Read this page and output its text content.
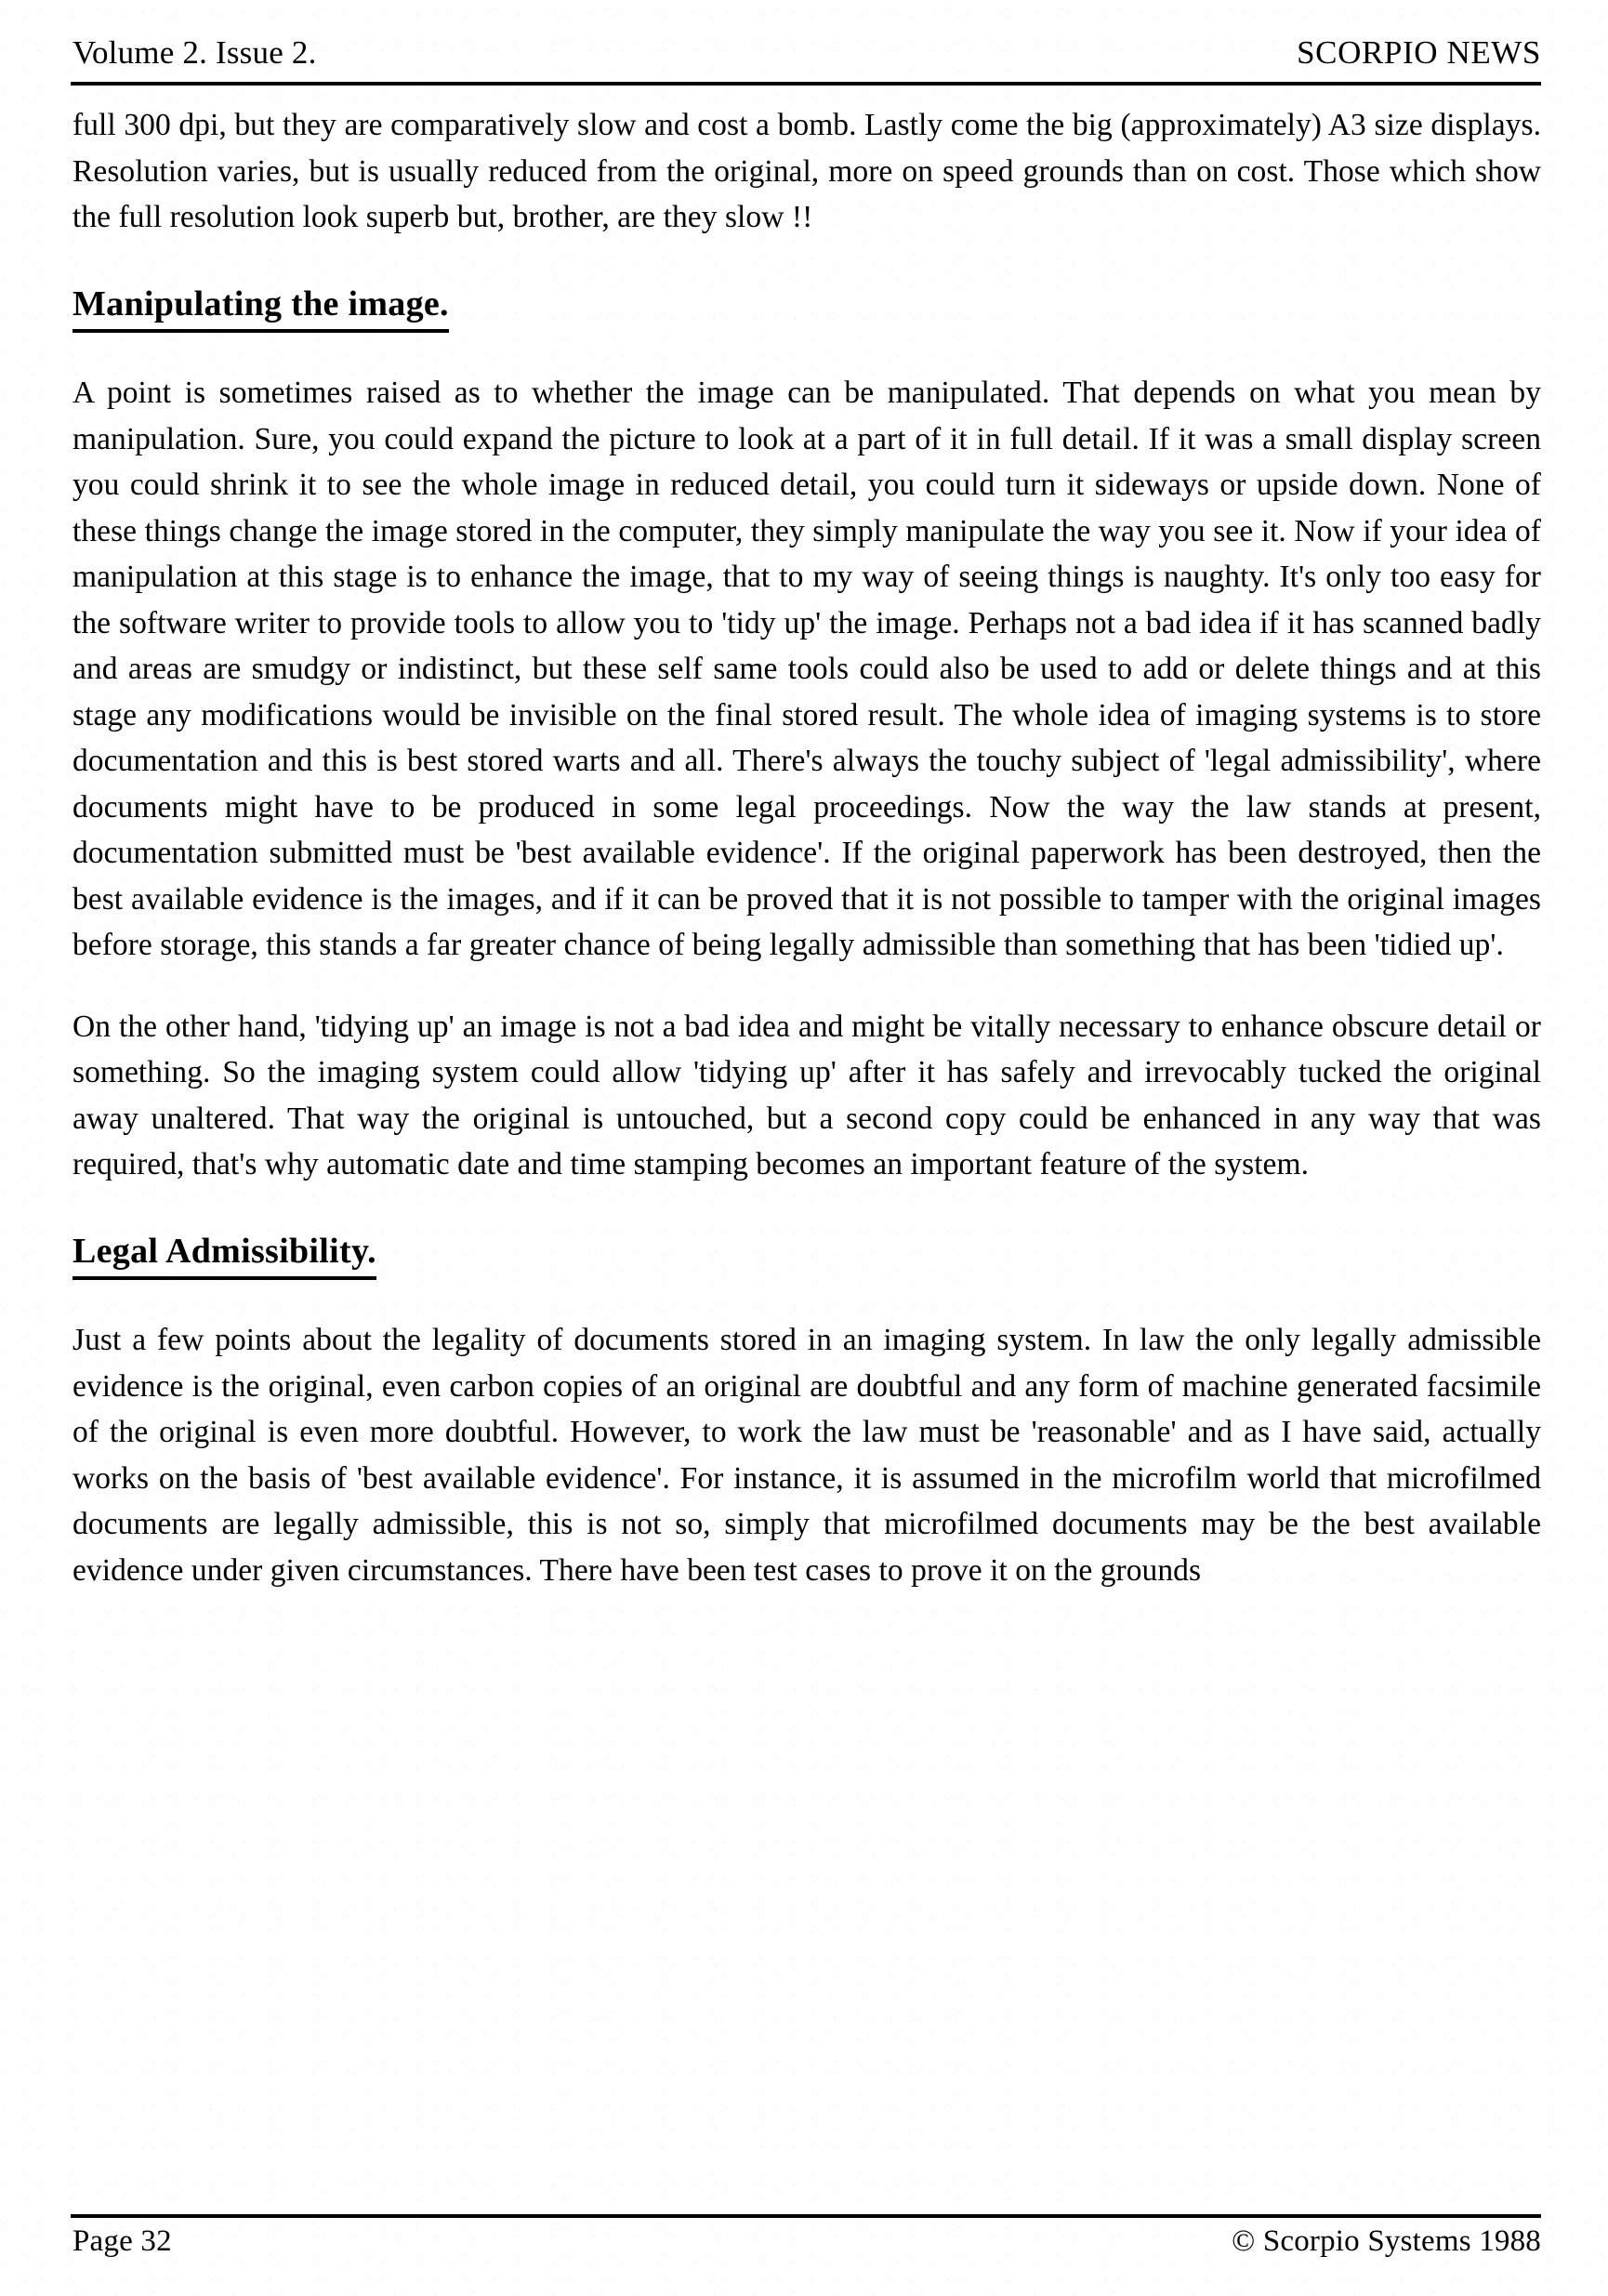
Volume 2. Issue 2.	SCORPIO NEWS

full 300 dpi, but they are comparatively slow and cost a bomb. Lastly come the big (approximately) A3 size displays. Resolution varies, but is usually reduced from the original, more on speed grounds than on cost. Those which show the full resolution look superb but, brother, are they slow !!

Manipulating the image.

A point is sometimes raised as to whether the image can be manipulated. That depends on what you mean by manipulation. Sure, you could expand the picture to look at a part of it in full detail. If it was a small display screen you could shrink it to see the whole image in reduced detail, you could turn it sideways or upside down. None of these things change the image stored in the computer, they simply manipulate the way you see it. Now if your idea of manipulation at this stage is to enhance the image, that to my way of seeing things is naughty. It's only too easy for the software writer to provide tools to allow you to 'tidy up' the image. Perhaps not a bad idea if it has scanned badly and areas are smudgy or indistinct, but these self same tools could also be used to add or delete things and at this stage any modifications would be invisible on the final stored result. The whole idea of imaging systems is to store documentation and this is best stored warts and all. There's always the touchy subject of 'legal admissibility', where documents might have to be produced in some legal proceedings. Now the way the law stands at present, documentation submitted must be 'best available evidence'. If the original paperwork has been destroyed, then the best available evidence is the images, and if it can be proved that it is not possible to tamper with the original images before storage, this stands a far greater chance of being legally admissible than something that has been 'tidied up'.

On the other hand, 'tidying up' an image is not a bad idea and might be vitally necessary to enhance obscure detail or something. So the imaging system could allow 'tidying up' after it has safely and irrevocably tucked the original away unaltered. That way the original is untouched, but a second copy could be enhanced in any way that was required, that's why automatic date and time stamping becomes an important feature of the system.

Legal Admissibility.

Just a few points about the legality of documents stored in an imaging system. In law the only legally admissible evidence is the original, even carbon copies of an original are doubtful and any form of machine generated facsimile of the original is even more doubtful. However, to work the law must be 'reasonable' and as I have said, actually works on the basis of 'best available evidence'. For instance, it is assumed in the microfilm world that microfilmed documents are legally admissible, this is not so, simply that microfilmed documents may be the best available evidence under given circumstances. There have been test cases to prove it on the grounds

Page 32	© Scorpio Systems 1988
